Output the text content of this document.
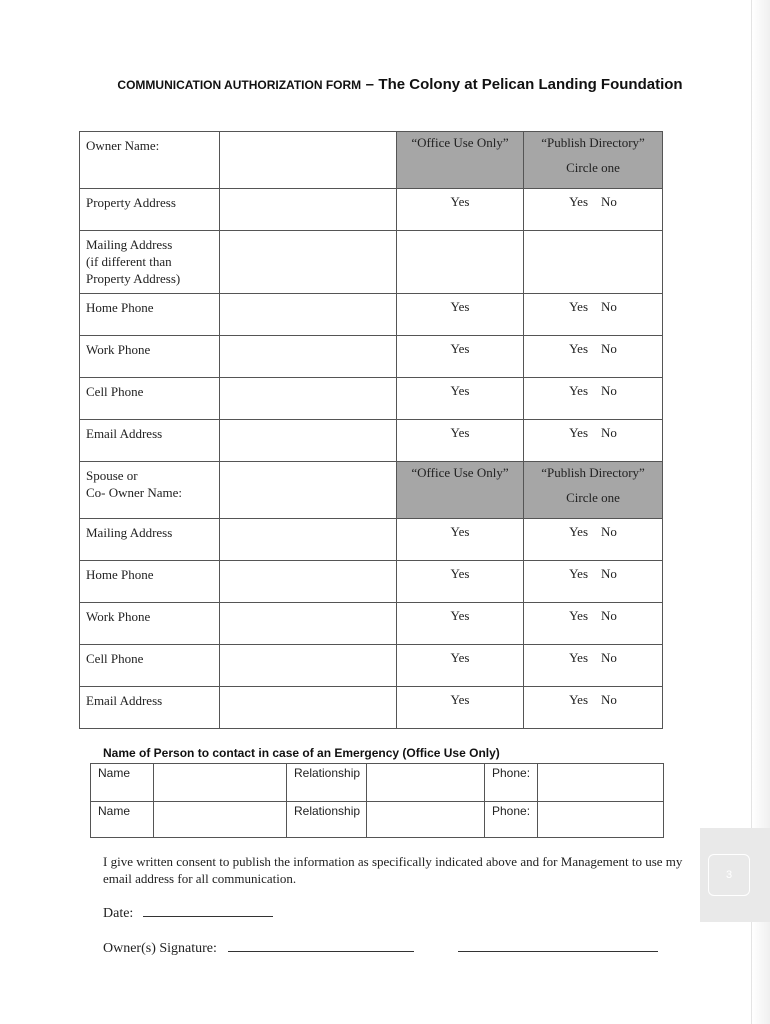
3
COMMUNICATION AUTHORIZATION FORM – The Colony at Pelican Landing Foundation
Owner Name:		“Office Use Only”	“Publish Directory”
Circle one

Property Address		Yes	Yes No
Mailing Address
(if different than
Property Address)			
Home Phone		Yes	Yes No
Work Phone		Yes	Yes No
Cell Phone		Yes	Yes No
Email Address		Yes	Yes No
Spouse or
Co- Owner Name:		“Office Use Only”	“Publish Directory”
Circle one

Mailing Address		Yes	Yes No
Home Phone		Yes	Yes No
Work Phone		Yes	Yes No
Cell Phone		Yes	Yes No
Email Address		Yes	Yes No
Name of Person to contact in case of an Emergency (Office Use Only)
Name		Relationship		Phone:	
Name		Relationship		Phone:	
I give written consent to publish the information as specifically indicated above and for Management to use my email address for all communication.
Date:
Owner(s) Signature:
